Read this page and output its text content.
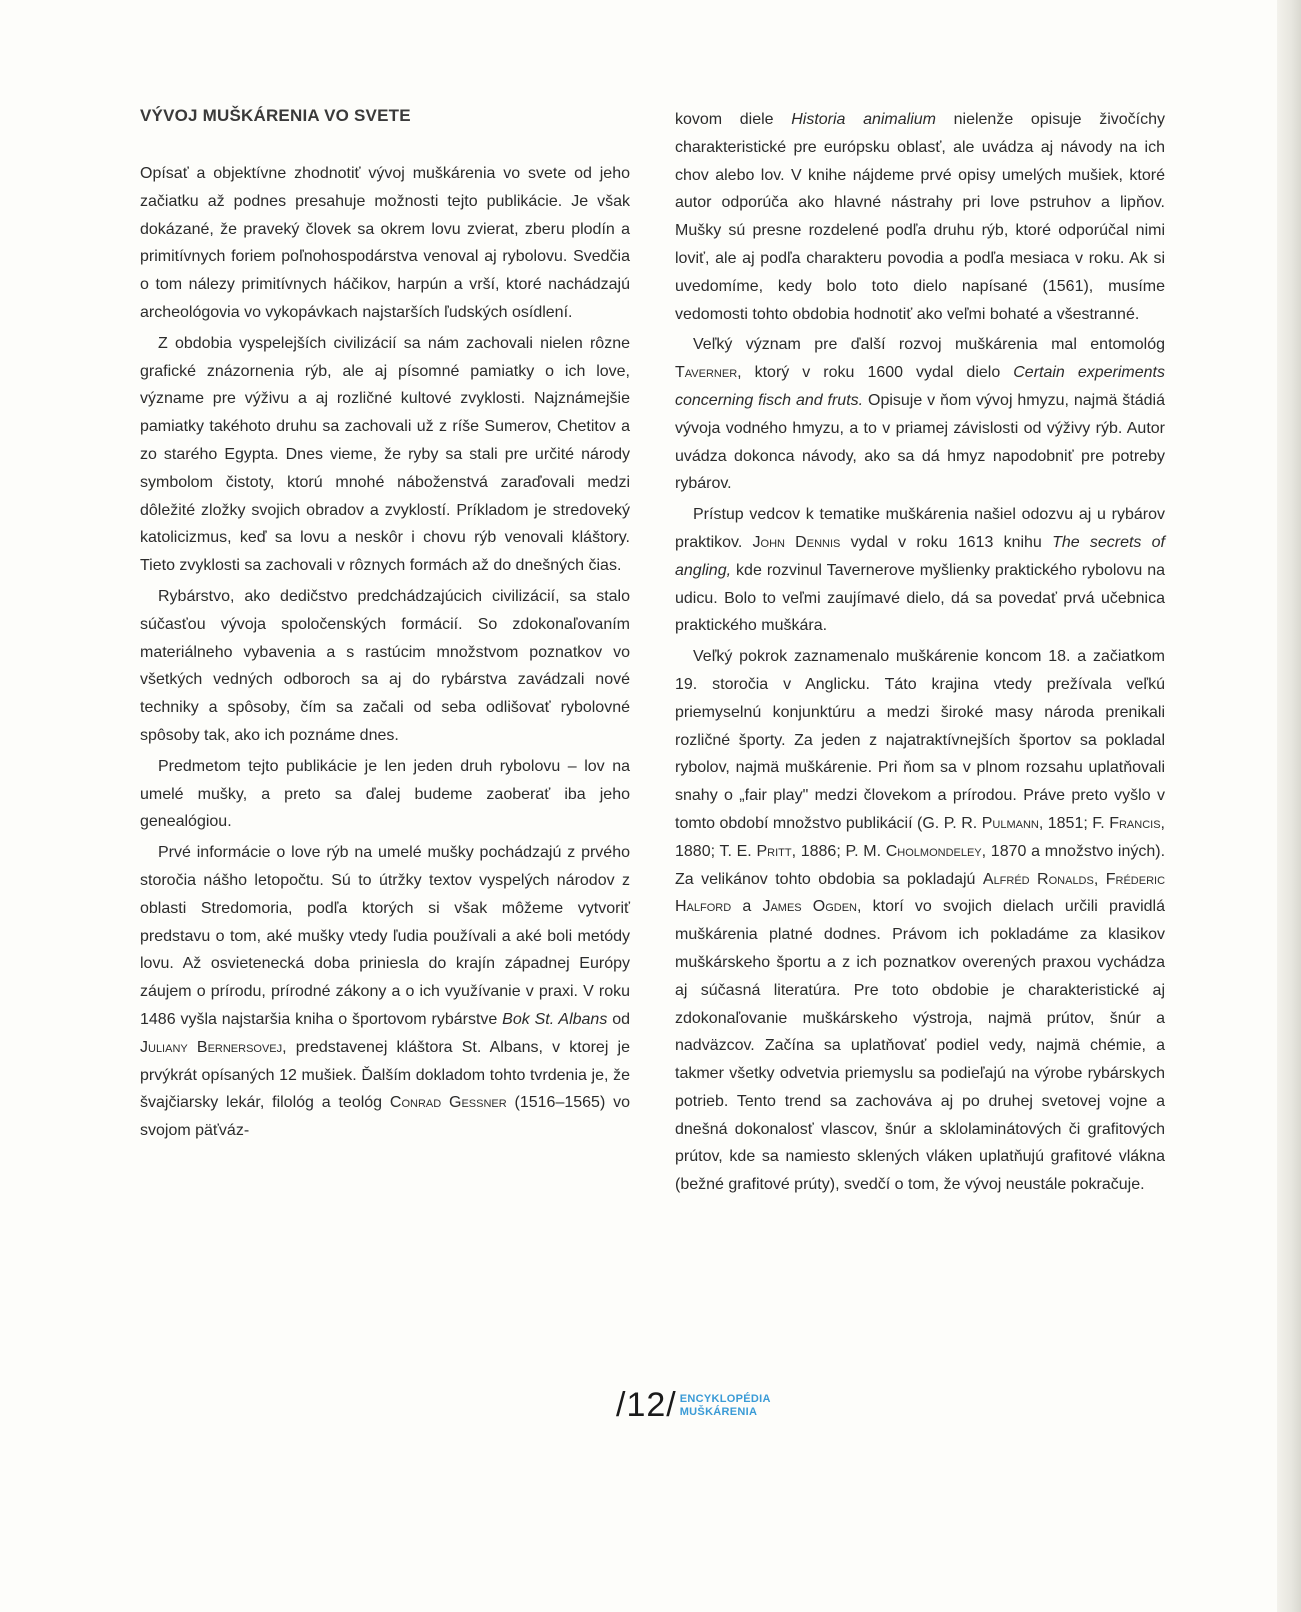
VÝVOJ MUŠKÁRENIA VO SVETE

Opísať a objektívne zhodnotiť vývoj muškárenia vo svete od jeho začiatku až podnes presahuje možnosti tejto publikácie. Je však dokázané, že praveký človek sa okrem lovu zvierat, zberu plodín a primitívnych foriem poľnohospodárstva venoval aj rybolovu. Svedčia o tom nálezy primitívnych háčikov, harpún a vrší, ktoré nachádzajú archeológovia vo vykopávkach najstarších ľudských osídlení.

Z obdobia vyspelejších civilizácií sa nám zachovali nielen rôzne grafické znázornenia rýb, ale aj písomné pamiatky o ich love, význame pre výživu a aj rozličné kultové zvyklosti. Najznámejšie pamiatky takéhoto druhu sa zachovali už z ríše Sumerov, Chetitov a zo starého Egypta. Dnes vieme, že ryby sa stali pre určité národy symbolom čistoty, ktorú mnohé náboženstvá zaraďovali medzi dôležité zložky svojich obradov a zvyklostí. Príkladom je stredoveký katolicizmus, keď sa lovu a neskôr i chovu rýb venovali kláštory. Tieto zvyklosti sa zachovali v rôznych formách až do dnešných čias.

Rybárstvo, ako dedičstvo predchádzajúcich civilizácií, sa stalo súčasťou vývoja spoločenských formácií. So zdokonaľovaním materiálneho vybavenia a s rastúcim množstvom poznatkov vo všetkých vedných odboroch sa aj do rybárstva zavádzali nové techniky a spôsoby, čím sa začali od seba odlišovať rybolovné spôsoby tak, ako ich poznáme dnes.

Predmetom tejto publikácie je len jeden druh rybolovu – lov na umelé mušky, a preto sa ďalej budeme zaoberať iba jeho genealógiou.

Prvé informácie o love rýb na umelé mušky pochádzajú z prvého storočia nášho letopočtu. Sú to útržky textov vyspelých národov z oblasti Stredomoria, podľa ktorých si však môžeme vytvoriť predstavu o tom, aké mušky vtedy ľudia používali a aké boli metódy lovu. Až osvietenecká doba priniesla do krajín západnej Európy záujem o prírodu, prírodné zákony a o ich využívanie v praxi. V roku 1486 vyšla najstaršia kniha o športovom rybárstve Bok St. Albans od Juliany Bernersovej, predstavenej kláštora St. Albans, v ktorej je prvýkrát opísaných 12 mušiek. Ďalším dokladom tohto tvrdenia je, že švajčiarsky lekár, filológ a teológ Conrad Gessner (1516–1565) vo svojom päťváz-

kovom diele Historia animalium nielenže opisuje živočíchy charakteristické pre európsku oblasť, ale uvádza aj návody na ich chov alebo lov. V knihe nájdeme prvé opisy umelých mušiek, ktoré autor odporúča ako hlavné nástrahy pri love pstruhov a lipňov. Mušky sú presne rozdelené podľa druhu rýb, ktoré odporúčal nimi loviť, ale aj podľa charakteru povodia a podľa mesiaca v roku. Ak si uvedomíme, kedy bolo toto dielo napísané (1561), musíme vedomosti tohto obdobia hodnotiť ako veľmi bohaté a všestranné.

Veľký význam pre ďalší rozvoj muškárenia mal entomológ Taverner, ktorý v roku 1600 vydal dielo Certain experiments concerning fisch and fruts. Opisuje v ňom vývoj hmyzu, najmä štádiá vývoja vodného hmyzu, a to v priamej závislosti od výživy rýb. Autor uvádza dokonca návody, ako sa dá hmyz napodobniť pre potreby rybárov.

Prístup vedcov k tematike muškárenia našiel odozvu aj u rybárov praktikov. John Dennis vydal v roku 1613 knihu The secrets of angling, kde rozvinul Tavernerove myšlienky praktického rybolovu na udicu. Bolo to veľmi zaujímavé dielo, dá sa povedať prvá učebnica praktického muškára.

Veľký pokrok zaznamenalo muškárenie koncom 18. a začiatkom 19. storočia v Anglicku. Táto krajina vtedy prežívala veľkú priemyselnú konjunktúru a medzi široké masy národa prenikali rozličné športy. Za jeden z najatraktívnejších športov sa pokladal rybolov, najmä muškárenie. Pri ňom sa v plnom rozsahu uplatňovali snahy o „fair play" medzi človekom a prírodou. Práve preto vyšlo v tomto období množstvo publikácií (G. P. R. Pulmann, 1851; F. Francis, 1880; T. E. Pritt, 1886; P. M. Cholmondeley, 1870 a množstvo iných). Za velikánov tohto obdobia sa pokladajú Alfréd Ronalds, Fréderic Halford a James Ogden, ktorí vo svojich dielach určili pravidlá muškárenia platné dodnes. Právom ich pokladáme za klasikov muškárskeho športu a z ich poznatkov overených praxou vychádza aj súčasná literatúra. Pre toto obdobie je charakteristické aj zdokonaľovanie muškárskeho výstroja, najmä prútov, šnúr a nadväzcov. Začína sa uplatňovať podiel vedy, najmä chémie, a takmer všetky odvetvia priemyslu sa podieľajú na výrobe rybárskych potrieb. Tento trend sa zachováva aj po druhej svetovej vojne a dnešná dokonalosť vlascov, šnúr a sklolaminátových či grafitových prútov, kde sa namiesto sklených vláken uplatňujú grafitové vlákna (bežné grafitové prúty), svedčí o tom, že vývoj neustále pokračuje.

/12/ ENCYKLOPÉDIA
MUŠKÁRENIA
